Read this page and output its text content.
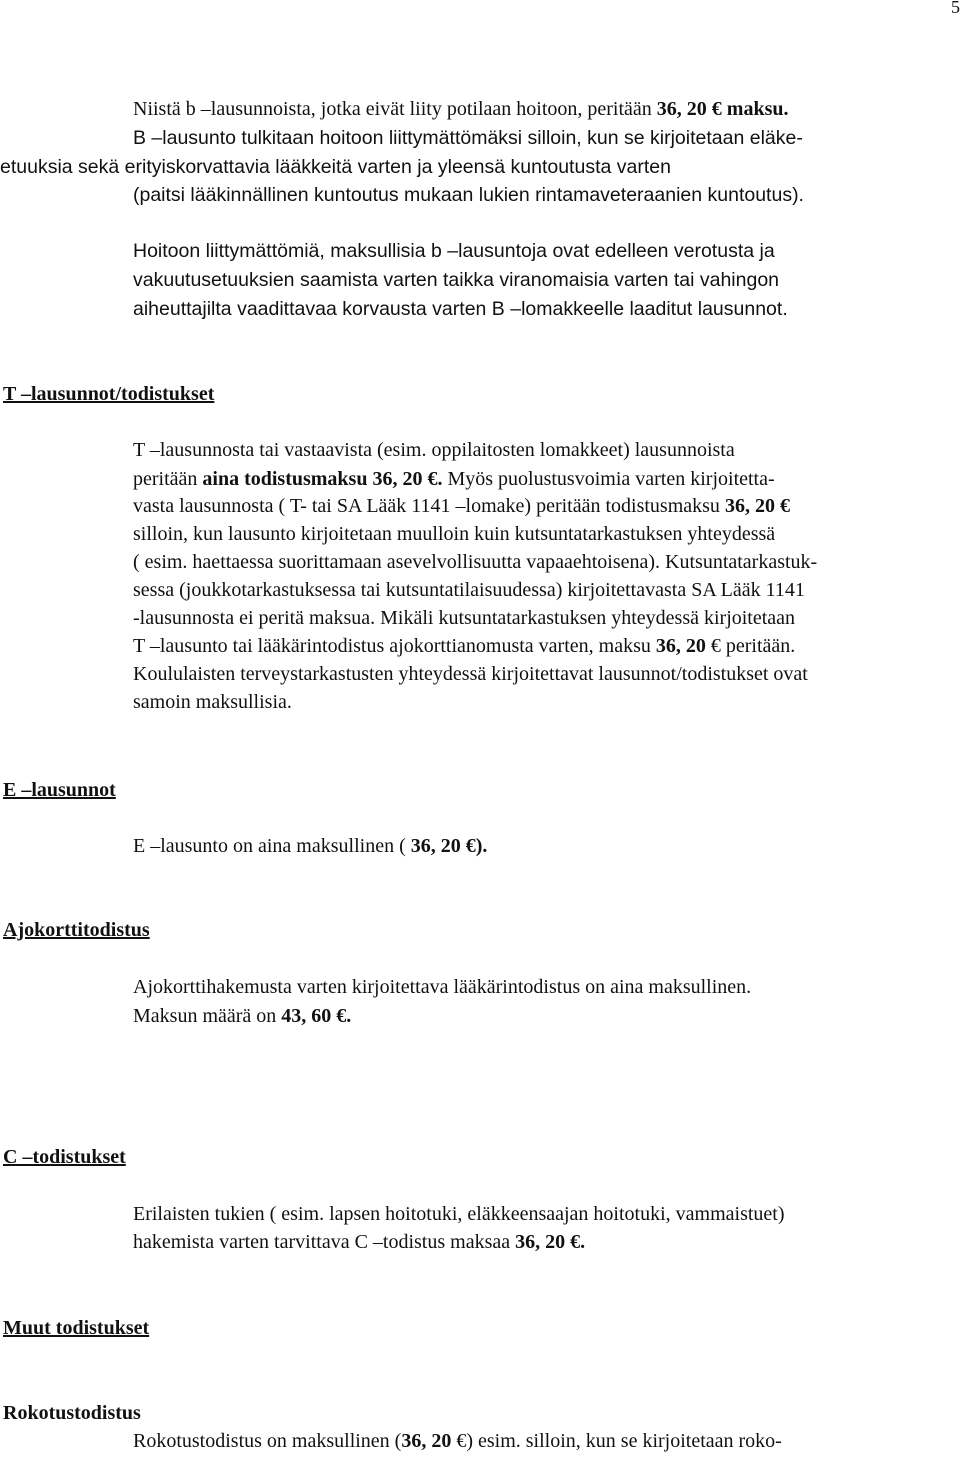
5
Niistä b –lausunnoista, jotka eivät liity potilaan hoitoon, peritään 36, 20 € maksu.
B –lausunto tulkitaan hoitoon liittymättömäksi silloin, kun se kirjoitetaan eläke-
etuuksia sekä erityiskorvattavia lääkkeitä varten ja yleensä kuntoutusta varten
(paitsi lääkinnällinen kuntoutus mukaan lukien rintamaveteraanien kuntoutus).
Hoitoon liittymättömiä, maksullisia b –lausuntoja ovat edelleen verotusta ja
vakuutusetuuksien saamista varten taikka viranomaisia varten tai vahingon
aiheuttajilta vaadittavaa korvausta varten B –lomakkeelle laaditut lausunnot.
T –lausunnot/todistukset
T –lausunnosta tai vastaavista (esim. oppilaitosten lomakkeet) lausunnoista
peritään aina todistusmaksu 36, 20 €. Myös puolustusvoimia varten kirjoitetta-
vasta lausunnosta ( T- tai SA Lääk 1141 –lomake) peritään todistusmaksu 36, 20 €
silloin, kun lausunto kirjoitetaan muulloin kuin kutsuntatarkastuksen yhteydessä
( esim. haettaessa suorittamaan asevelvollisuutta vapaaehtoisena). Kutsuntatarkastuk-
sessa (joukkotarkastuksessa tai kutsuntatilaisuudessa) kirjoitettavasta SA Lääk 1141
-lausunnosta ei peritä maksua. Mikäli kutsuntatarkastuksen yhteydessä kirjoitetaan
T –lausunto tai lääkärintodistus ajokorttianomusta varten, maksu 36, 20 € peritään.
Koululaisten terveystarkastusten yhteydessä kirjoitettavat lausunnot/todistukset ovat
samoin maksullisia.
E –lausunnot
E –lausunto on aina maksullinen ( 36, 20 €).
Ajokorttitodistus
Ajokorttihakemusta varten kirjoitettava lääkärintodistus on aina maksullinen.
Maksun määrä on 43, 60 €.
C –todistukset
Erilaisten tukien ( esim. lapsen hoitotuki, eläkkeensaajan hoitotuki, vammaistuet)
hakemista varten tarvittava C –todistus maksaa 36, 20 €.
Muut todistukset
Rokotustodistus
Rokotustodistus on maksullinen (36, 20 €) esim. silloin, kun se kirjoitetaan roko-
